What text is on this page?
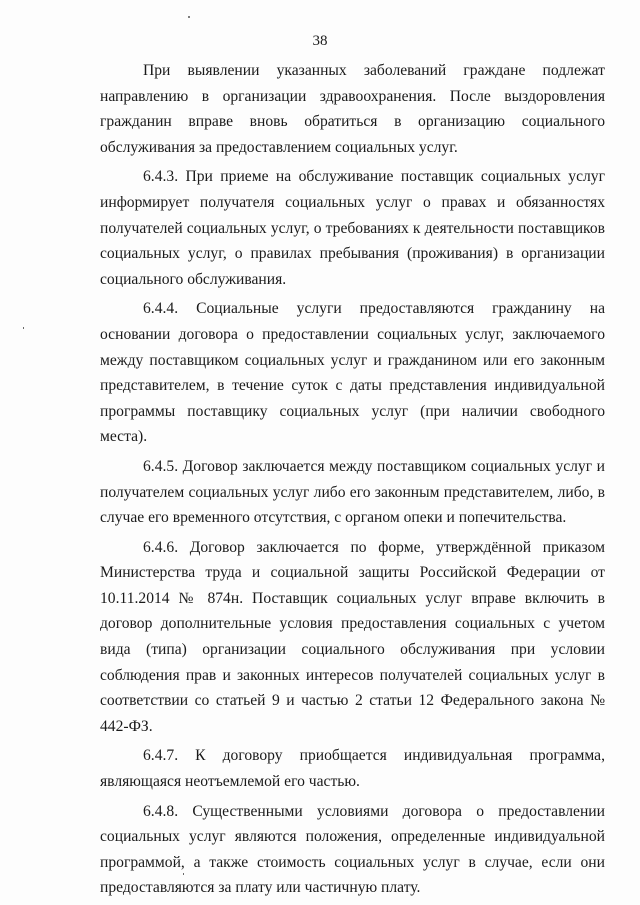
38

При выявлении указанных заболеваний граждане подлежат направлению в организации здравоохранения. После выздоровления гражданин вправе вновь обратиться в организацию социального обслуживания за предоставлением социальных услуг.

6.4.3. При приеме на обслуживание поставщик социальных услуг информирует получателя социальных услуг о правах и обязанностях получателей социальных услуг, о требованиях к деятельности поставщиков социальных услуг, о правилах пребывания (проживания) в организации социального обслуживания.

6.4.4. Социальные услуги предоставляются гражданину на основании договора о предоставлении социальных услуг, заключаемого между поставщиком социальных услуг и гражданином или его законным представителем, в течение суток с даты представления индивидуальной программы поставщику социальных услуг (при наличии свободного места).

6.4.5. Договор заключается между поставщиком социальных услуг и получателем социальных услуг либо его законным представителем, либо, в случае его временного отсутствия, с органом опеки и попечительства.

6.4.6. Договор заключается по форме, утверждённой приказом Министерства труда и социальной защиты Российской Федерации от 10.11.2014 № 874н. Поставщик социальных услуг вправе включить в договор дополнительные условия предоставления социальных с учетом вида (типа) организации социального обслуживания при условии соблюдения прав и законных интересов получателей социальных услуг в соответствии со статьей 9 и частью 2 статьи 12 Федерального закона № 442-ФЗ.

6.4.7. К договору приобщается индивидуальная программа, являющаяся неотъемлемой его частью.

6.4.8. Существенными условиями договора о предоставлении социальных услуг являются положения, определенные индивидуальной программой, а также стоимость социальных услуг в случае, если они предоставляются за плату или частичную плату.
